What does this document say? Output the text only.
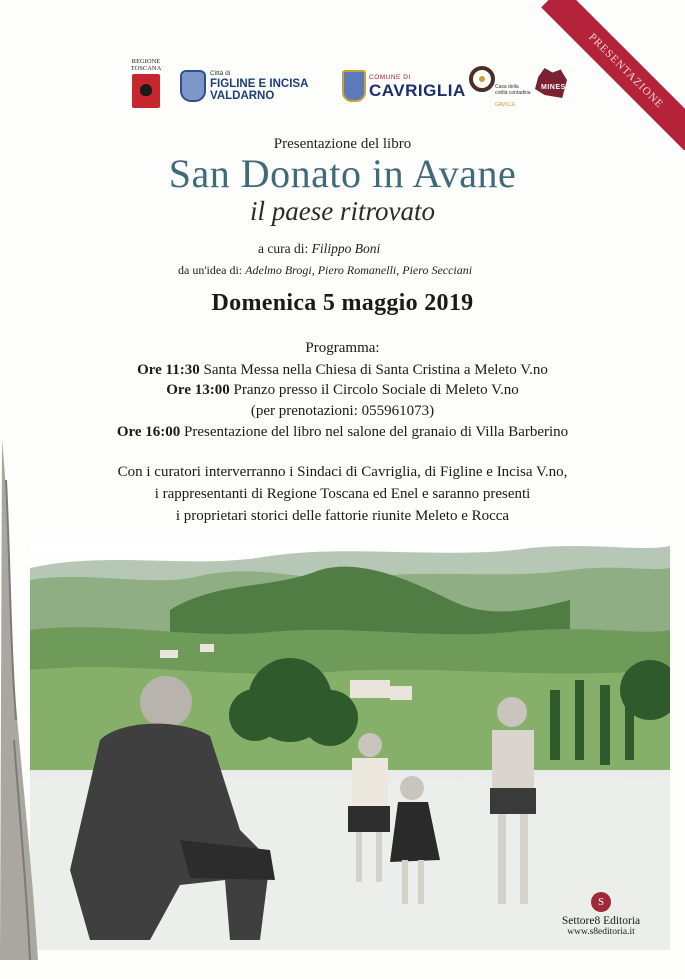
PRESENTAZIONE
REGIONE
TOSCANA
Città di
FIGLINE E INCISA
VALDARNO
COMUNE DI
CAVRIGLIA	Casa della
civiltà contadina
GAVILLE
MINES
Presentazione del libro
San Donato in Avane
il paese ritrovato
a cura di: Filippo Boni
da un'idea di: Adelmo Brogi, Piero Romanelli, Piero Secciani
Domenica 5 maggio 2019
Programma:
Ore 11:30 Santa Messa nella Chiesa di Santa Cristina a Meleto V.no
Ore 13:00 Pranzo presso il Circolo Sociale di Meleto V.no
(per prenotazioni: 055961073)
Ore 16:00 Presentazione del libro nel salone del granaio di Villa Barberino
Con i curatori interverranno i Sindaci di Cavriglia, di Figline e Incisa V.no,
i rappresentanti di Regione Toscana ed Enel e saranno presenti
i proprietari storici delle fattorie riunite Meleto e Rocca
S
Settore8 Editoria
www.s8editoria.it
